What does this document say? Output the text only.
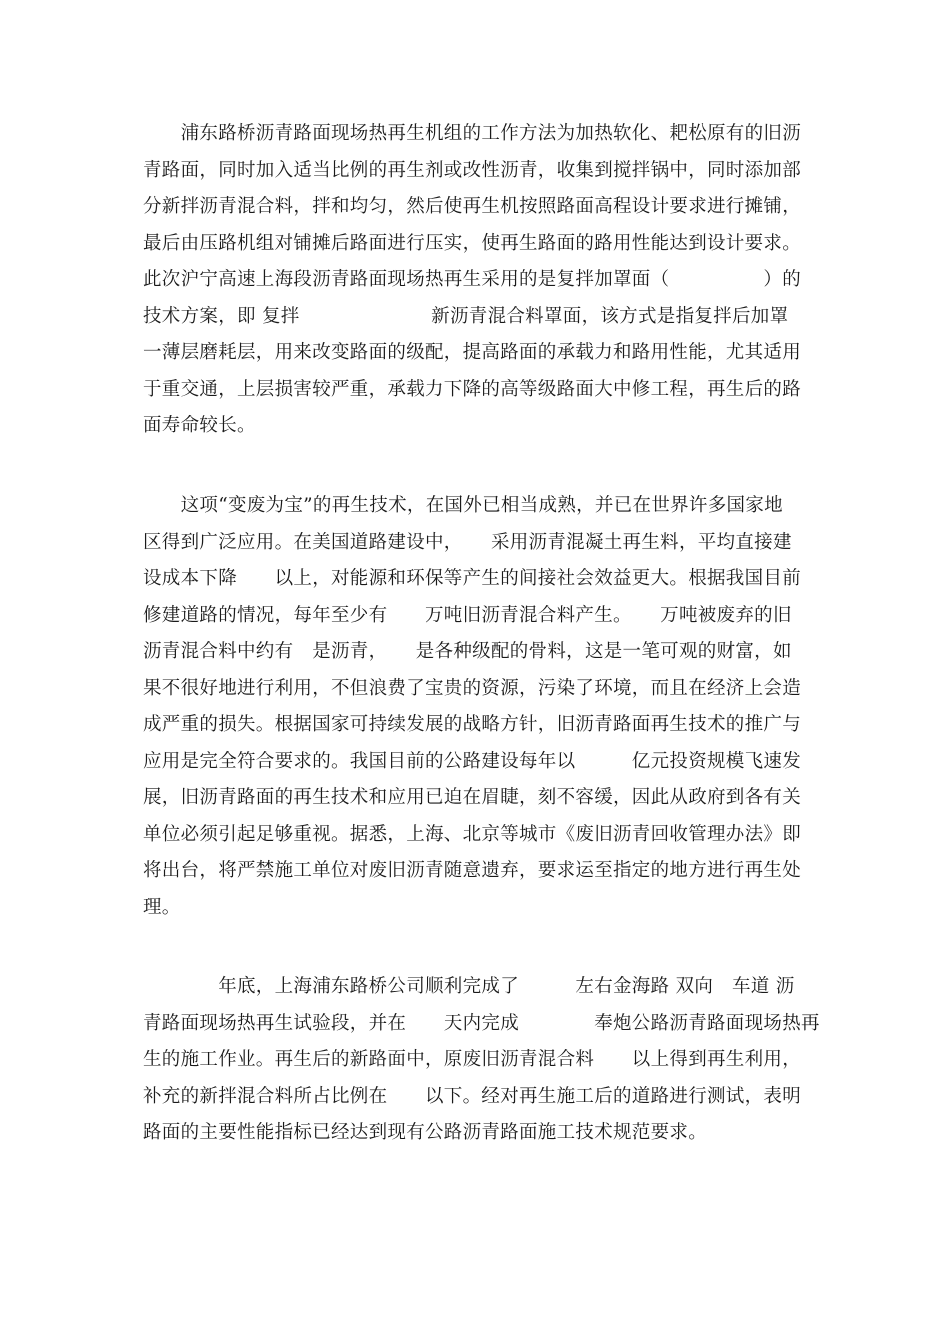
　　浦东路桥沥青路面现场热再生机组的工作方法为加热软化、耙松原有的旧沥
青路面，同时加入适当比例的再生剂或改性沥青，收集到搅拌锅中，同时添加部
分新拌沥青混合料，拌和均匀，然后使再生机按照路面高程设计要求进行摊铺，
最后由压路机组对铺摊后路面进行压实，使再生路面的路用性能达到设计要求。
此次沪宁高速上海段沥青路面现场热再生采用的是复拌加罩面（　　　　　）的
技术方案，即 复拌　　　　　　　新沥青混合料罩面，该方式是指复拌后加罩
一薄层磨耗层，用来改变路面的级配，提高路面的承载力和路用性能，尤其适用
于重交通，上层损害较严重，承载力下降的高等级路面大中修工程，再生后的路
面寿命较长。
　　这项“变废为宝”的再生技术，在国外已相当成熟，并已在世界许多国家地
区得到广泛应用。在美国道路建设中，　　采用沥青混凝土再生料，平均直接建
设成本下降　　以上，对能源和环保等产生的间接社会效益更大。根据我国目前
修建道路的情况，每年至少有　　万吨旧沥青混合料产生。　　万吨被废弃的旧
沥青混合料中约有　是沥青，　　是各种级配的骨料，这是一笔可观的财富，如
果不很好地进行利用，不但浪费了宝贵的资源，污染了环境，而且在经济上会造
成严重的损失。根据国家可持续发展的战略方针，旧沥青路面再生技术的推广与
应用是完全符合要求的。我国目前的公路建设每年以　　　亿元投资规模飞速发
展，旧沥青路面的再生技术和应用已迫在眉睫，刻不容缓，因此从政府到各有关
单位必须引起足够重视。据悉，上海、北京等城市《废旧沥青回收管理办法》即
将出台，将严禁施工单位对废旧沥青随意遗弃，要求运至指定的地方进行再生处
理。
　　　　年底，上海浦东路桥公司顺利完成了　　　左右金海路 双向　车道 沥
青路面现场热再生试验段，并在　　天内完成　　　　奉炮公路沥青路面现场热再
生的施工作业。再生后的新路面中，原废旧沥青混合料　　以上得到再生利用，
补充的新拌混合料所占比例在　　以下。经对再生施工后的道路进行测试，表明
路面的主要性能指标已经达到现有公路沥青路面施工技术规范要求。
